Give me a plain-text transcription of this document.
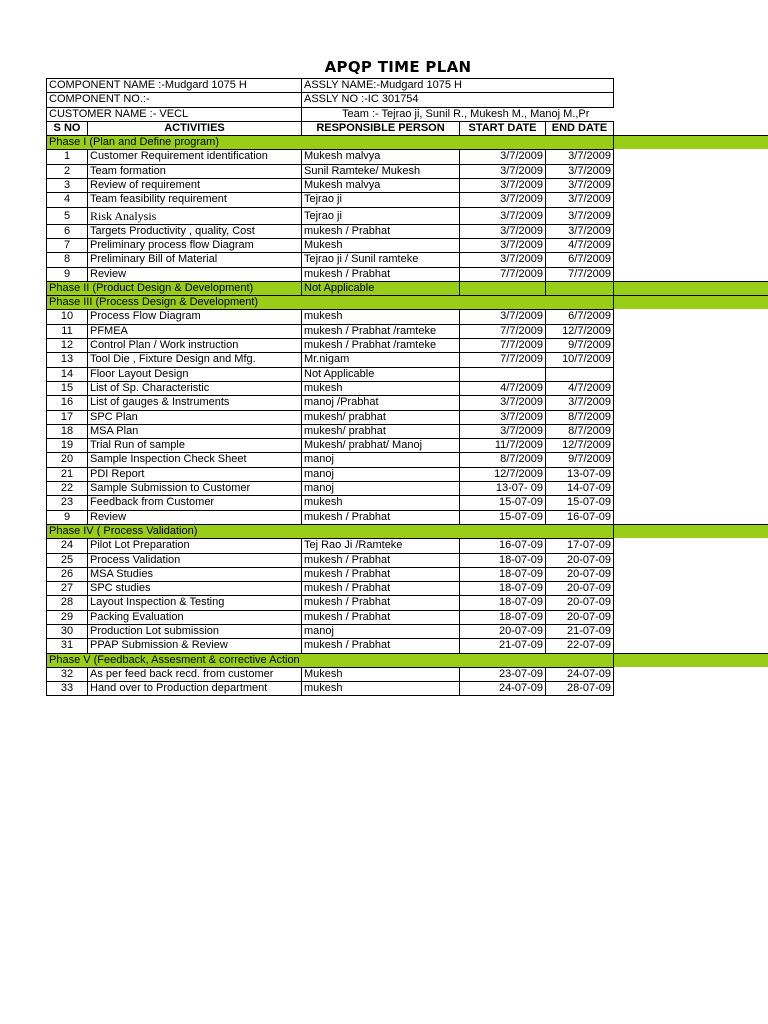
APQP TIME PLAN
COMPONENT NAME :-Mudgard 1075 H	ASSLY NAME:-Mudgard 1075 H
COMPONENT NO.:-	ASSLY NO :-IC 301754
CUSTOMER NAME :- VECL	Team :- Tejrao ji, Sunil R., Mukesh M., Manoj M.,Pr
S NO	ACTIVITIES	RESPONSIBLE PERSON	START DATE	END DATE
Phase I (Plan and Define program)
1	Customer Requirement identification	Mukesh malvya	3/7/2009	3/7/2009
2	Team formation	Sunil Ramteke/ Mukesh	3/7/2009	3/7/2009
3	Review of requirement	Mukesh malvya	3/7/2009	3/7/2009
4	Team feasibility requirement	Tejrao ji	3/7/2009	3/7/2009
5	Risk Analysis	Tejrao ji	3/7/2009	3/7/2009
6	Targets Productivity , quality, Cost	mukesh / Prabhat	3/7/2009	3/7/2009
7	Preliminary process flow Diagram	Mukesh	3/7/2009	4/7/2009
8	Preliminary Bill of Material	Tejrao ji / Sunil ramteke	3/7/2009	6/7/2009
9	Review	mukesh / Prabhat	7/7/2009	7/7/2009
Phase II (Product Design & Development)	Not Applicable
Phase III (Process Design & Development)
10	Process Flow Diagram	mukesh	3/7/2009	6/7/2009
11	PFMEA	mukesh / Prabhat /ramteke	7/7/2009	12/7/2009
12	Control Plan / Work instruction	mukesh / Prabhat /ramteke	7/7/2009	9/7/2009
13	Tool Die , Fixture Design and Mfg.	Mr.nigam	7/7/2009	10/7/2009
14	Floor Layout Design	Not Applicable
15	List of Sp. Characteristic	mukesh	4/7/2009	4/7/2009
16	List of gauges & Instruments	manoj /Prabhat	3/7/2009	3/7/2009
17	SPC Plan	mukesh/ prabhat	3/7/2009	8/7/2009
18	MSA Plan	mukesh/ prabhat	3/7/2009	8/7/2009
19	Trial Run of sample	Mukesh/ prabhat/ Manoj	11/7/2009	12/7/2009
20	Sample Inspection Check Sheet	manoj	8/7/2009	9/7/2009
21	PDI Report	manoj	12/7/2009	13-07-09
22	Sample Submission to Customer	manoj	13-07- 09	14-07-09
23	Feedback from Customer	mukesh	15-07-09	15-07-09
9	Review	mukesh / Prabhat	15-07-09	16-07-09
Phase IV ( Process Validation)
24	Pilot Lot Preparation	Tej Rao Ji /Ramteke	16-07-09	17-07-09
25	Process Validation	mukesh / Prabhat	18-07-09	20-07-09
26	MSA Studies	mukesh / Prabhat	18-07-09	20-07-09
27	SPC studies	mukesh / Prabhat	18-07-09	20-07-09
28	Layout Inspection & Testing	mukesh / Prabhat	18-07-09	20-07-09
29	Packing Evaluation	mukesh / Prabhat	18-07-09	20-07-09
30	Production Lot submission	manoj	20-07-09	21-07-09
31	PPAP Submission & Review	mukesh / Prabhat	21-07-09	22-07-09
Phase V (Feedback, Assesment & corrective Action
32	As per feed back recd. from customer	Mukesh	23-07-09	24-07-09
33	Hand over to Production department	mukesh	24-07-09	28-07-09
